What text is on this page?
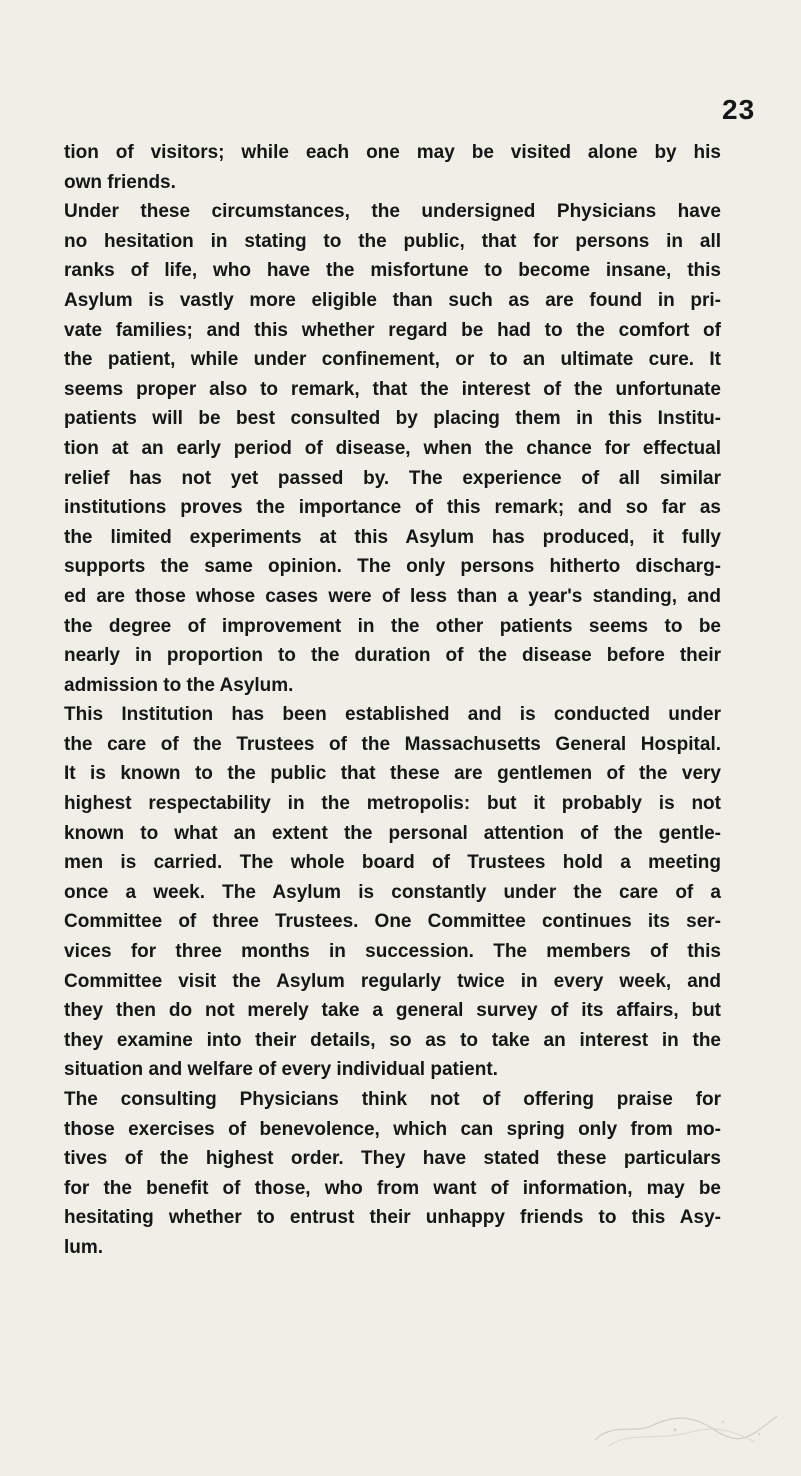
23
tion of visitors; while each one may be visited alone by his
own friends.
Under these circumstances, the undersigned Physicians have
no hesitation in stating to the public, that for persons in all
ranks of life, who have the misfortune to become insane, this
Asylum is vastly more eligible than such as are found in pri-
vate families; and this whether regard be had to the comfort of
the patient, while under confinement, or to an ultimate cure. It
seems proper also to remark, that the interest of the unfortunate
patients will be best consulted by placing them in this Institu-
tion at an early period of disease, when the chance for effectual
relief has not yet passed by. The experience of all similar
institutions proves the importance of this remark; and so far as
the limited experiments at this Asylum has produced, it fully
supports the same opinion. The only persons hitherto discharg-
ed are those whose cases were of less than a year's standing, and
the degree of improvement in the other patients seems to be
nearly in proportion to the duration of the disease before their
admission to the Asylum.
This Institution has been established and is conducted under
the care of the Trustees of the Massachusetts General Hospital.
It is known to the public that these are gentlemen of the very
highest respectability in the metropolis: but it probably is not
known to what an extent the personal attention of the gentle-
men is carried. The whole board of Trustees hold a meeting
once a week. The Asylum is constantly under the care of a
Committee of three Trustees. One Committee continues its ser-
vices for three months in succession. The members of this
Committee visit the Asylum regularly twice in every week, and
they then do not merely take a general survey of its affairs, but
they examine into their details, so as to take an interest in the
situation and welfare of every individual patient.
The consulting Physicians think not of offering praise for
those exercises of benevolence, which can spring only from mo-
tives of the highest order. They have stated these particulars
for the benefit of those, who from want of information, may be
hesitating whether to entrust their unhappy friends to this Asy-
lum.
